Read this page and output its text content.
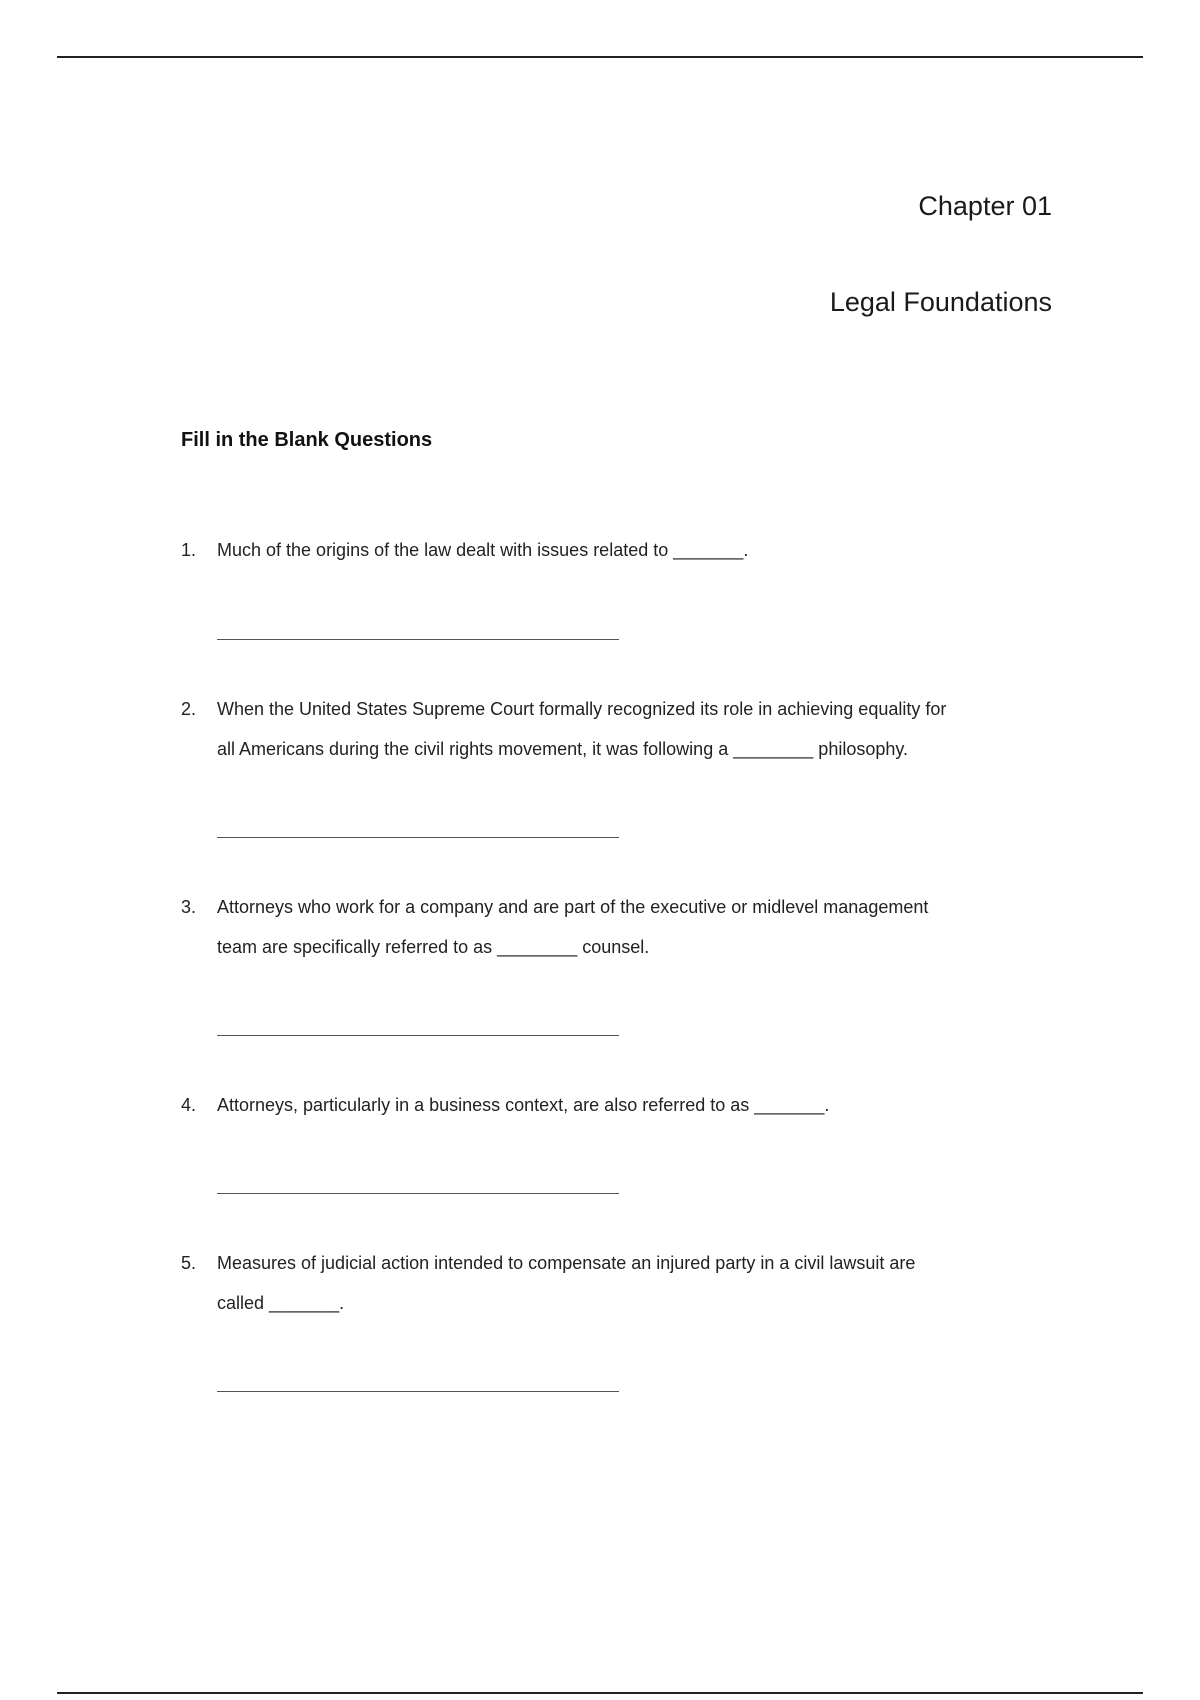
Chapter 01
Legal Foundations
Fill in the Blank Questions
1.	Much of the origins of the law dealt with issues related to _______.
2.	When the United States Supreme Court formally recognized its role in achieving equality for
all Americans during the civil rights movement, it was following a ________ philosophy.
3.	Attorneys who work for a company and are part of the executive or midlevel management
team are specifically referred to as ________ counsel.
4.	Attorneys, particularly in a business context, are also referred to as _______.
5.	Measures of judicial action intended to compensate an injured party in a civil lawsuit are
called _______.
